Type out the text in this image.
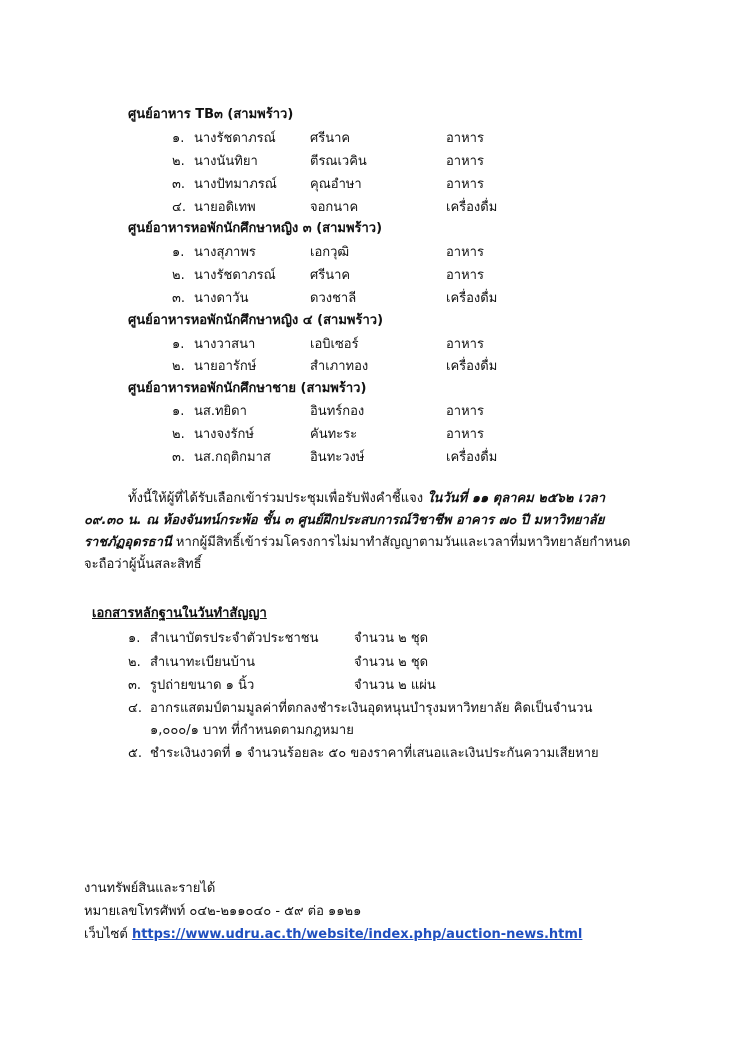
ศูนย์อาหาร TB๓ (สามพร้าว)
๑. นางรัชดาภรณ์	ศรีนาค	อาหาร
๒. นางนันทิยา	ตีรณเวคิน	อาหาร
๓. นางปัทมาภรณ์	คุณอำษา	อาหาร
๔. นายอดิเทพ	จอกนาค	เครื่องดื่ม
ศูนย์อาหารหอพักนักศึกษาหญิง ๓ (สามพร้าว)
๑. นางสุภาพร	เอกวุฒิ	อาหาร
๒. นางรัชดาภรณ์	ศรีนาค	อาหาร
๓. นางดาวัน	ดวงชาลี	เครื่องดื่ม
ศูนย์อาหารหอพักนักศึกษาหญิง ๔ (สามพร้าว)
๑. นางวาสนา	เอบิเซอร์	อาหาร
๒. นายอารักษ์	สำเภาทอง	เครื่องดื่ม
ศูนย์อาหารหอพักนักศึกษาชาย (สามพร้าว)
๑. นส.ทยิดา	อินทร์กอง	อาหาร
๒. นางจงรักษ์	คันทะระ	อาหาร
๓. นส.กฤติกมาส	อินทะวงษ์	เครื่องดื่ม

ทั้งนี้ให้ผู้ที่ได้รับเลือกเข้าร่วมประชุมเพื่อรับฟังคำชี้แจง ในวันที่ ๑๑ ตุลาคม ๒๕๖๒ เวลา ๐๙.๓๐ น. ณ ห้องจันทน์กระพ้อ ชั้น ๓ ศูนย์ฝึกประสบการณ์วิชาชีพ อาคาร ๗๐ ปี มหาวิทยาลัยราชภัฏอุดรธานี หากผู้มีสิทธิ์เข้าร่วมโครงการไม่มาทำสัญญาตามวันและเวลาที่มหาวิทยาลัยกำหนด จะถือว่าผู้นั้นสละสิทธิ์

เอกสารหลักฐานในวันทำสัญญา
๑. สำเนาบัตรประจำตัวประชาชน	จำนวน ๒ ชุด
๒. สำเนาทะเบียนบ้าน	จำนวน ๒ ชุด
๓. รูปถ่ายขนาด ๑ นิ้ว	จำนวน ๒ แผ่น
๔. อากรแสตมป์ตามมูลค่าที่ตกลงชำระเงินอุดหนุนบำรุงมหาวิทยาลัย คิดเป็นจำนวน
๑,๐๐๐/๑ บาท ที่กำหนดตามกฎหมาย
๕. ชำระเงินงวดที่ ๑ จำนวนร้อยละ ๕๐ ของราคาที่เสนอและเงินประกันความเสียหาย
งานทรัพย์สินและรายได้
หมายเลขโทรศัพท์ ๐๔๒-๒๑๑๐๔๐ - ๕๙ ต่อ ๑๑๒๑
เว็บไซต์ https://www.udru.ac.th/website/index.php/auction-news.html
